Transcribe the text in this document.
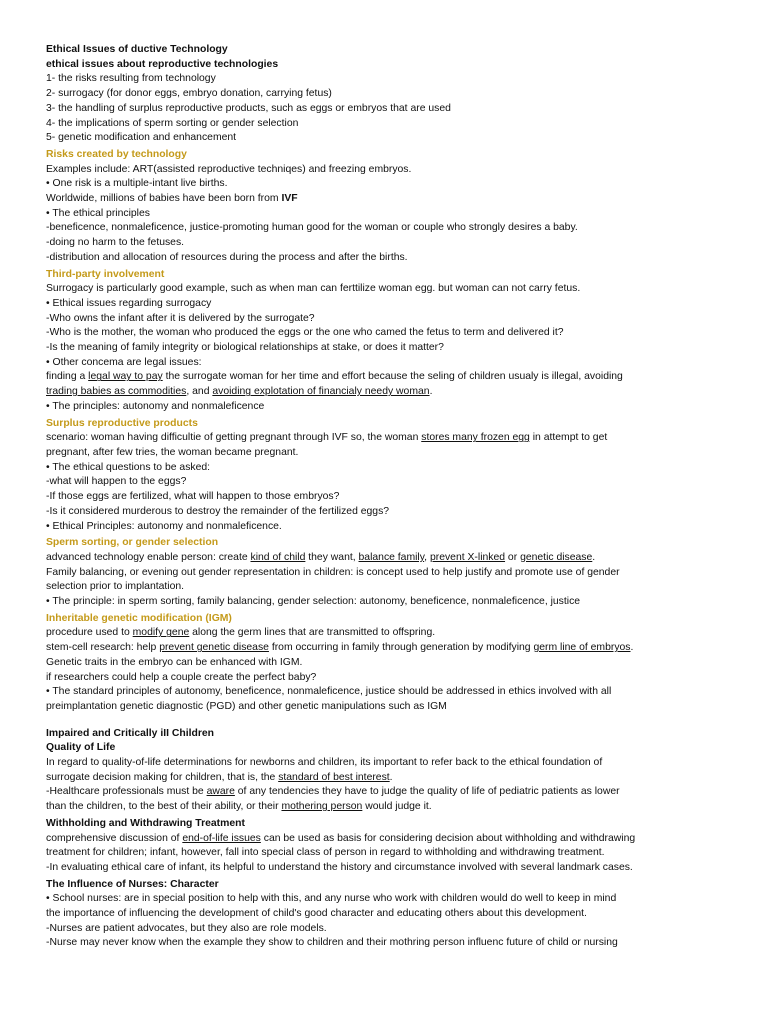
Ethical Issues of ductive Technology
ethical issues about reproductive technologies
1- the risks resulting from technology
2- surrogacy (for donor eggs, embryo donation, carrying fetus)
3- the handling of surplus reproductive products, such as eggs or embryos that are used
4- the implications of sperm sorting or gender selection
5- genetic modification and enhancement
Risks created by technology
Examples include: ART(assisted reproductive techniqes) and freezing embryos.
• One risk is a multiple-intant live births.
Worldwide, millions of babies have been born from IVF
• The ethical principles
-beneficence, nonmaleficence, justice-promoting human good for the woman or couple who strongly desires a baby.
-doing no harm to the fetuses.
-distribution and allocation of resources during the process and after the births.
Third-party involvement
Surrogacy is particularly good example, such as when man can ferttilize woman egg. but woman can not carry fetus.
• Ethical issues regarding surrogacy
-Who owns the infant after it is delivered by the surrogate?
-Who is the mother, the woman who produced the eggs or the one who camed the fetus to term and delivered it?
-Is the meaning of family integrity or biological relationships at stake, or does it matter?
• Other concema are legal issues:
finding a legal way to pay the surrogate woman for her time and effort because the seling of children usualy is illegal, avoiding
trading babies as commodities, and avoiding explotation of financialy needy woman.
• The principles: autonomy and nonmaleficence
Surplus reproductive products
scenario: woman having difficultie of getting pregnant through IVF so, the woman stores many frozen egg in attempt to get
pregnant, after few tries, the woman became pregnant.
• The ethical questions to be asked:
-what will happen to the eggs?
-If those eggs are fertilized, what will happen to those embryos?
-Is it considered murderous to destroy the remainder of the fertilized eggs?
• Ethical Principles: autonomy and nonmaleficence.
Sperm sorting, or gender selection
advanced technology enable person: create kind of child they want, balance family, prevent X-linked or genetic disease.
Family balancing, or evening out gender representation in children: is concept used to help justify and promote use of gender
selection prior to implantation.
• The principle: in sperm sorting, family balancing, gender selection: autonomy, beneficence, nonmaleficence, justice
Inheritable genetic modification (IGM)
procedure used to modify gene along the germ lines that are transmitted to offspring.
stem-cell research: help prevent genetic disease from occurring in family through generation by modifying germ line of embryos.
Genetic traits in the embryo can be enhanced with IGM.
if researchers could help a couple create the perfect baby?
• The standard principles of autonomy, beneficence, nonmaleficence, justice should be addressed in ethics involved with all
preimplantation genetic diagnostic (PGD) and other genetic manipulations such as IGM
Impaired and Critically iII Children
Quality of Life
In regard to quality-of-life determinations for newborns and children, its important to refer back to the ethical foundation of
surrogate decision making for children, that is, the standard of best interest.
-Healthcare professionals must be aware of any tendencies they have to judge the quality of life of pediatric patients as lower
than the children, to the best of their ability, or their mothering person would judge it.
Withholding and Withdrawing Treatment
comprehensive discussion of end-of-life issues can be used as basis for considering decision about withholding and withdrawing
treatment for children; infant, however, fall into special class of person in regard to withholding and withdrawing treatment.
-In evaluating ethical care of infant, its helpful to understand the history and circumstance involved with several landmark cases.
The Influence of Nurses: Character
• School nurses: are in special position to help with this, and any nurse who work with children would do well to keep in mind
the importance of influencing the development of child's good character and educating others about this development.
-Nurses are patient advocates, but they also are role models.
-Nurse may never know when the example they show to children and their mothring person influenc future of child or nursing
